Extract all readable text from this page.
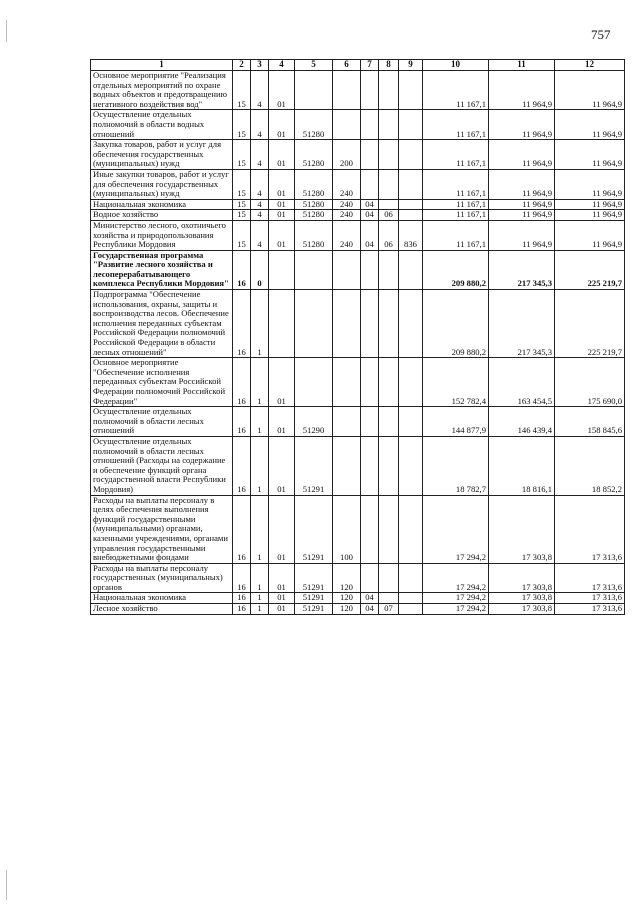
757
1	2	3	4	5	6	7	8	9	10	11	12
Основное мероприятие "Реализация отдельных мероприятий по охране водных объектов и предотвращению негативного воздействия вод"	15	4	01						11 167,1	11 964,9	11 964,9
Осуществление отдельных полномочий в области водных отношений	15	4	01	51280					11 167,1	11 964,9	11 964,9
Закупка товаров, работ и услуг для обеспечения государственных (муниципальных) нужд	15	4	01	51280	200				11 167,1	11 964,9	11 964,9
Иные закупки товаров, работ и услуг для обеспечения государственных (муниципальных) нужд	15	4	01	51280	240				11 167,1	11 964,9	11 964,9
Национальная экономика	15	4	01	51280	240	04			11 167,1	11 964,9	11 964,9
Водное хозяйство	15	4	01	51280	240	04	06		11 167,1	11 964,9	11 964,9
Министерство лесного, охотничьего хозяйства и природопользования Республики Мордовия	15	4	01	51280	240	04	06	836	11 167,1	11 964,9	11 964,9
Государственная программа "Развитие лесного хозяйства и лесоперерабатывающего комплекса Республики Мордовия"	16	0							209 880,2	217 345,3	225 219,7
Подпрограмма "Обеспечение использования, охраны, защиты и воспроизводства лесов. Обеспечение исполнения переданных субъектам Российской Федерации полномочий Российской Федерации в области лесных отношений"	16	1							209 880,2	217 345,3	225 219,7
Основное мероприятие "Обеспечение исполнения переданных субъектам Российской Федерации полномочий Российской Федерации"	16	1	01						152 782,4	163 454,5	175 690,0
Осуществление отдельных полномочий в области лесных отношений	16	1	01	51290					144 877,9	146 439,4	158 845,6
Осуществление отдельных полномочий в области лесных отношений (Расходы на содержание и обеспечение функций органа государственной власти Республики Мордовия)	16	1	01	51291					18 782,7	18 816,1	18 852,2
Расходы на выплаты персоналу в целях обеспечения выполнения функций государственными (муниципальными) органами, казенными учреждениями, органами управления государственными внебюджетными фондами	16	1	01	51291	100				17 294,2	17 303,8	17 313,6
Расходы на выплаты персоналу государственных (муниципальных) органов	16	1	01	51291	120				17 294,2	17 303,8	17 313,6
Национальная экономика	16	1	01	51291	120	04			17 294,2	17 303,8	17 313,6
Лесное хозяйство	16	1	01	51291	120	04	07		17 294,2	17 303,8	17 313,6
